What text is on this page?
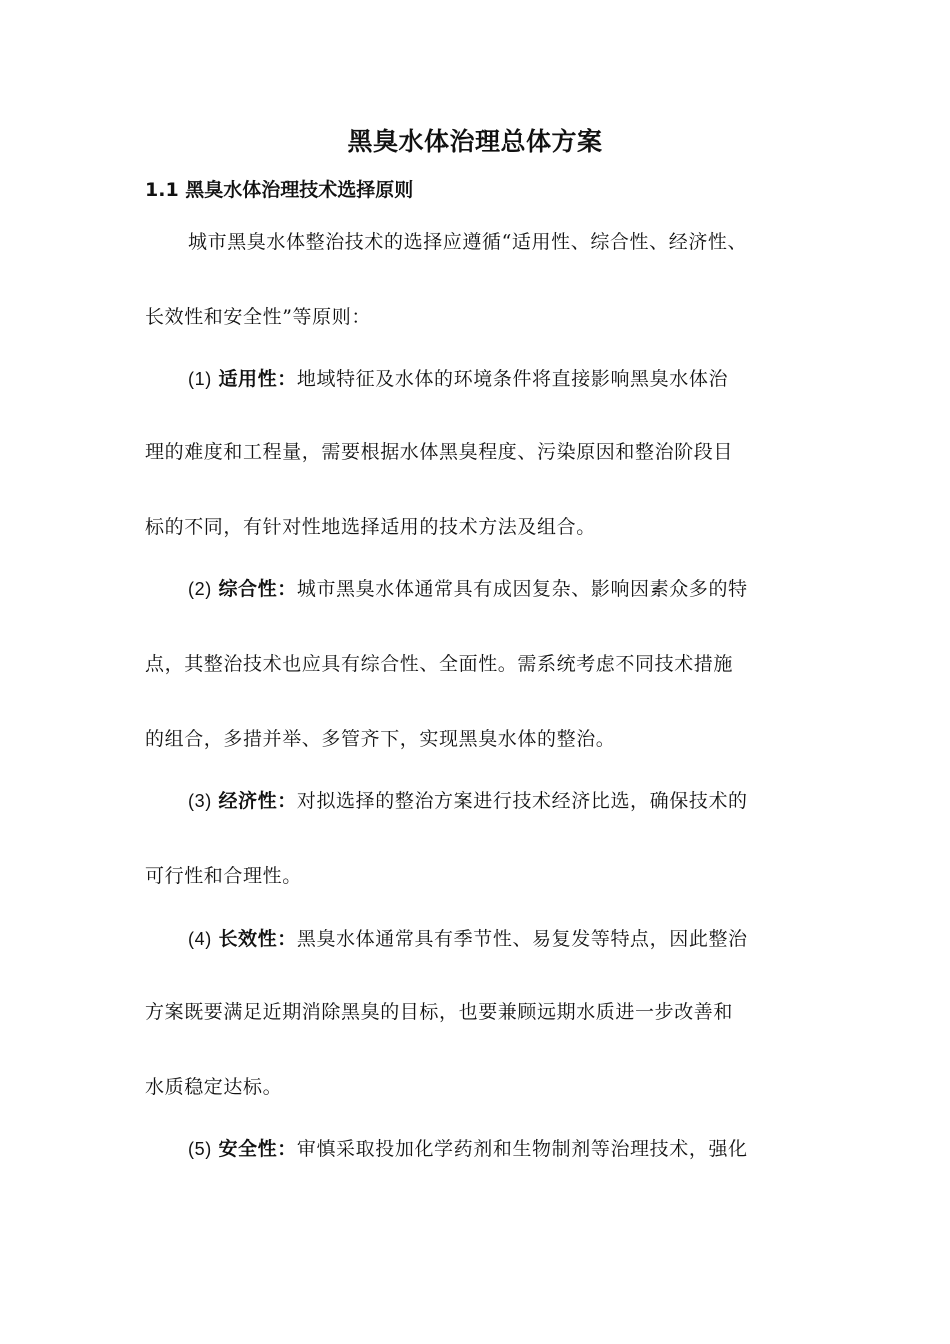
黑臭水体治理总体方案
1.1 黑臭水体治理技术选择原则
城市黑臭水体整治技术的选择应遵循“适用性、综合性、经济性、
长效性和安全性”等原则：
(1) 适用性：地域特征及水体的环境条件将直接影响黑臭水体治
理的难度和工程量，需要根据水体黑臭程度、污染原因和整治阶段目
标的不同，有针对性地选择适用的技术方法及组合。
(2) 综合性：城市黑臭水体通常具有成因复杂、影响因素众多的特
点，其整治技术也应具有综合性、全面性。需系统考虑不同技术措施
的组合，多措并举、多管齐下，实现黑臭水体的整治。
(3) 经济性：对拟选择的整治方案进行技术经济比选，确保技术的
可行性和合理性。
(4) 长效性：黑臭水体通常具有季节性、易复发等特点，因此整治
方案既要满足近期消除黑臭的目标，也要兼顾远期水质进一步改善和
水质稳定达标。
(5) 安全性：审慎采取投加化学药剂和生物制剂等治理技术，强化
